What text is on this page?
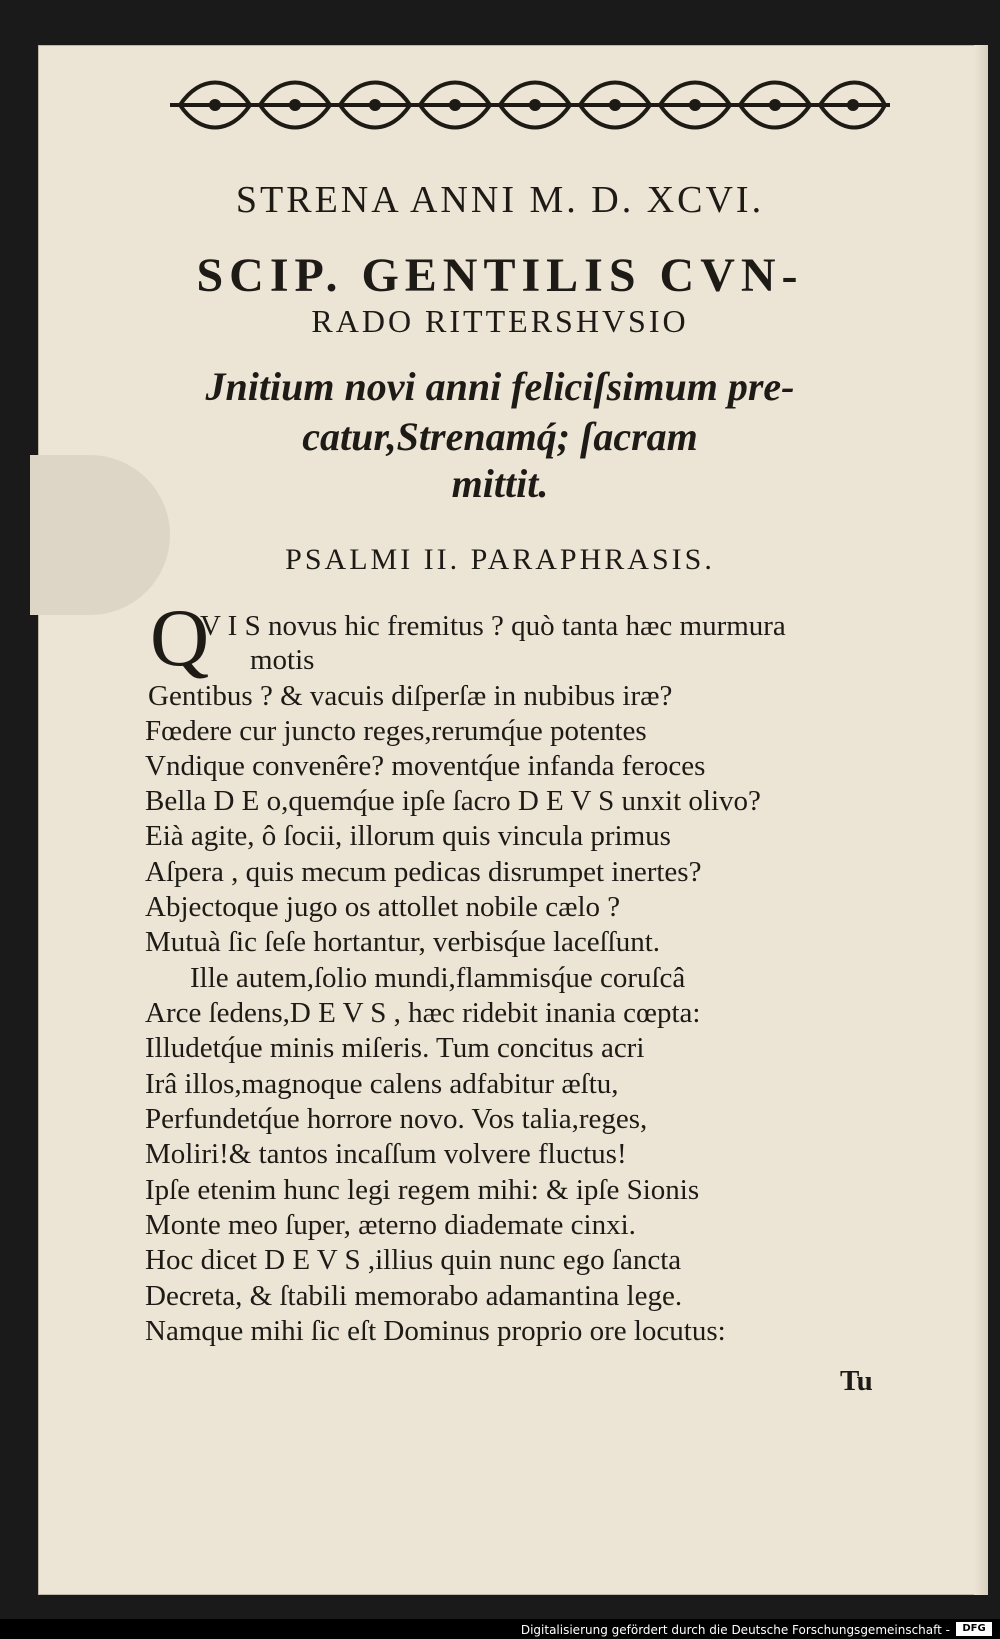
STRENA ANNI M. D. XCVI.
SCIP. GENTILIS CVN-
RADO RITTERSHVSIO
Jnitium novi anni feliciſsimum pre-
catur,Strenamq́; ſacram
mittit.
PSALMI II. PARAPHRASIS.
Q
V I S novus hic fremitus ? quò tanta hæc murmura
motis
Gentibus ? & vacuis diſperſæ in nubibus iræ?
Fœdere cur juncto reges,rerumq́ue potentes
Vndique convenêre? moventq́ue infanda feroces
Bella D E o,quemq́ue ipſe ſacro D E V S unxit olivo?
Eià agite, ô ſocii, illorum quis vincula primus
Aſpera , quis mecum pedicas disrumpet inertes?
Abjectoque jugo os attollet nobile cælo ?
Mutuà ſic ſeſe hortantur, verbisq́ue laceſſunt.
Ille autem,ſolio mundi,flammisq́ue coruſcâ
Arce ſedens,D E V S , hæc ridebit inania cœpta:
Illudetq́ue minis miſeris. Tum concitus acri
Irâ illos,magnoque calens adfabitur æſtu,
Perfundetq́ue horrore novo. Vos talia,reges,
Moliri!& tantos incaſſum volvere fluctus!
Ipſe etenim hunc legi regem mihi: & ipſe Sionis
Monte meo ſuper, æterno diademate cinxi.
Hoc dicet D E V S ,illius quin nunc ego ſancta
Decreta, & ſtabili memorabo adamantina lege.
Namque mihi ſic eſt Dominus proprio ore locutus:
Tu
Digitalisierung gefördert durch die Deutsche Forschungsgemeinschaft -	DFG
